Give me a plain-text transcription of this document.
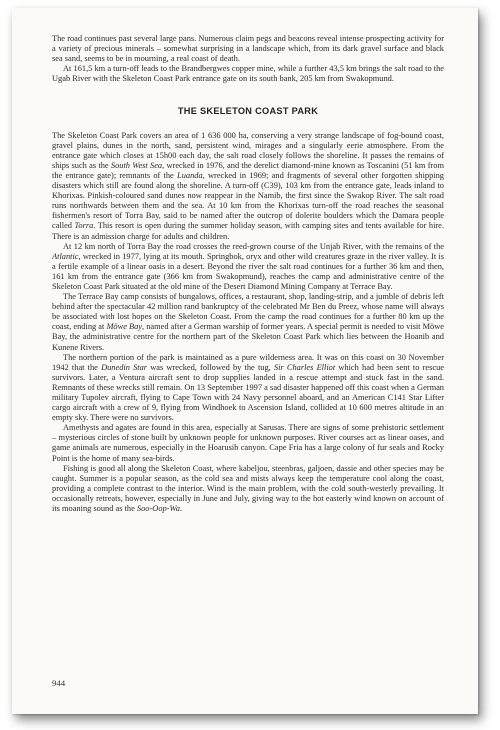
The road continues past several large pans. Numerous claim pegs and beacons reveal intense prospecting activity for a variety of precious minerals – somewhat surprising in a landscape which, from its dark gravel surface and black sea sand, seems to be in mourning, a real coast of death.

At 161,5 km a turn-off leads to the Brandbergwes copper mine, while a further 43,5 km brings the salt road to the Ugab River with the Skeleton Coast Park entrance gate on its south bank, 205 km from Swakopmund.

THE SKELETON COAST PARK

The Skeleton Coast Park covers an area of 1 636 000 ha, conserving a very strange landscape of fog-bound coast, gravel plains, dunes in the north, sand, persistent wind, mirages and a singularly eerie atmosphere. From the entrance gate which closes at 15h00 each day, the salt road closely follows the shoreline. It passes the remains of ships such as the South West Sea, wrecked in 1976, and the derelict diamond-mine known as Toscanini (51 km from the entrance gate); remnants of the Luanda, wrecked in 1969; and fragments of several other forgotten shipping disasters which still are found along the shoreline. A turn-off (C39), 103 km from the entrance gate, leads inland to Khorixas. Pinkish-coloured sand dunes now reappear in the Namib, the first since the Swakop River. The salt road runs northwards between them and the sea. At 10 km from the Khorixas turn-off the road reaches the seasonal fishermen's resort of Torra Bay, said to be named after the outcrop of dolerite boulders which the Damara people called Torra. This resort is open during the summer holiday season, with camping sites and tents available for hire. There is an admission charge for adults and children.

At 12 km north of Torra Bay the road crosses the reed-grown course of the Unjab River, with the remains of the Atlantic, wrecked in 1977, lying at its mouth. Springbok, oryx and other wild creatures graze in the river valley. It is a fertile example of a linear oasis in a desert. Beyond the river the salt road continues for a further 36 km and then, 161 km from the entrance gate (366 km from Swakopmund), reaches the camp and administrative centre of the Skeleton Coast Park situated at the old mine of the Desert Diamond Mining Company at Terrace Bay.

The Terrace Bay camp consists of bungalows, offices, a restaurant, shop, landing-strip, and a jumble of debris left behind after the spectacular 42 million rand bankruptcy of the celebrated Mr Ben du Preez, whose name will always be associated with lost hopes on the Skeleton Coast. From the camp the road continues for a further 80 km up the coast, ending at Möwe Bay, named after a German warship of former years. A special permit is needed to visit Möwe Bay, the administrative centre for the northern part of the Skeleton Coast Park which lies between the Hoanib and Kunene Rivers.

The northern portion of the park is maintained as a pure wilderness area. It was on this coast on 30 November 1942 that the Dunedin Star was wrecked, followed by the tug, Sir Charles Elliot which had been sent to rescue survivors. Later, a Ventura aircraft sent to drop supplies landed in a rescue attempt and stuck fast in the sand. Remnants of these wrecks still remain. On 13 September 1997 a sad disaster happened off this coast when a German military Tupolev aircraft, flying to Cape Town with 24 Navy personnel aboard, and an American C141 Star Lifter cargo aircraft with a crew of 9, flying from Windhoek to Ascension Island, collided at 10 600 metres altitude in an empty sky. There were no survivors.

Amethysts and agates are found in this area, especially at Sarusas. There are signs of some prehistoric settlement – mysterious circles of stone built by unknown people for unknown purposes. River courses act as linear oases, and game animals are numerous, especially in the Hoarusib canyon. Cape Fria has a large colony of fur seals and Rocky Point is the home of many sea-birds.

Fishing is good all along the Skeleton Coast, where kabeljou, steenbras, galjoen, dassie and other species may be caught. Summer is a popular season, as the cold sea and mists always keep the temperature cool along the coast, providing a complete contrast to the interior. Wind is the main problem, with the cold south-westerly prevailing. It occasionally retreats, however, especially in June and July, giving way to the hot easterly wind known on account of its moaning sound as the Soo-Oop-Wa.

944
